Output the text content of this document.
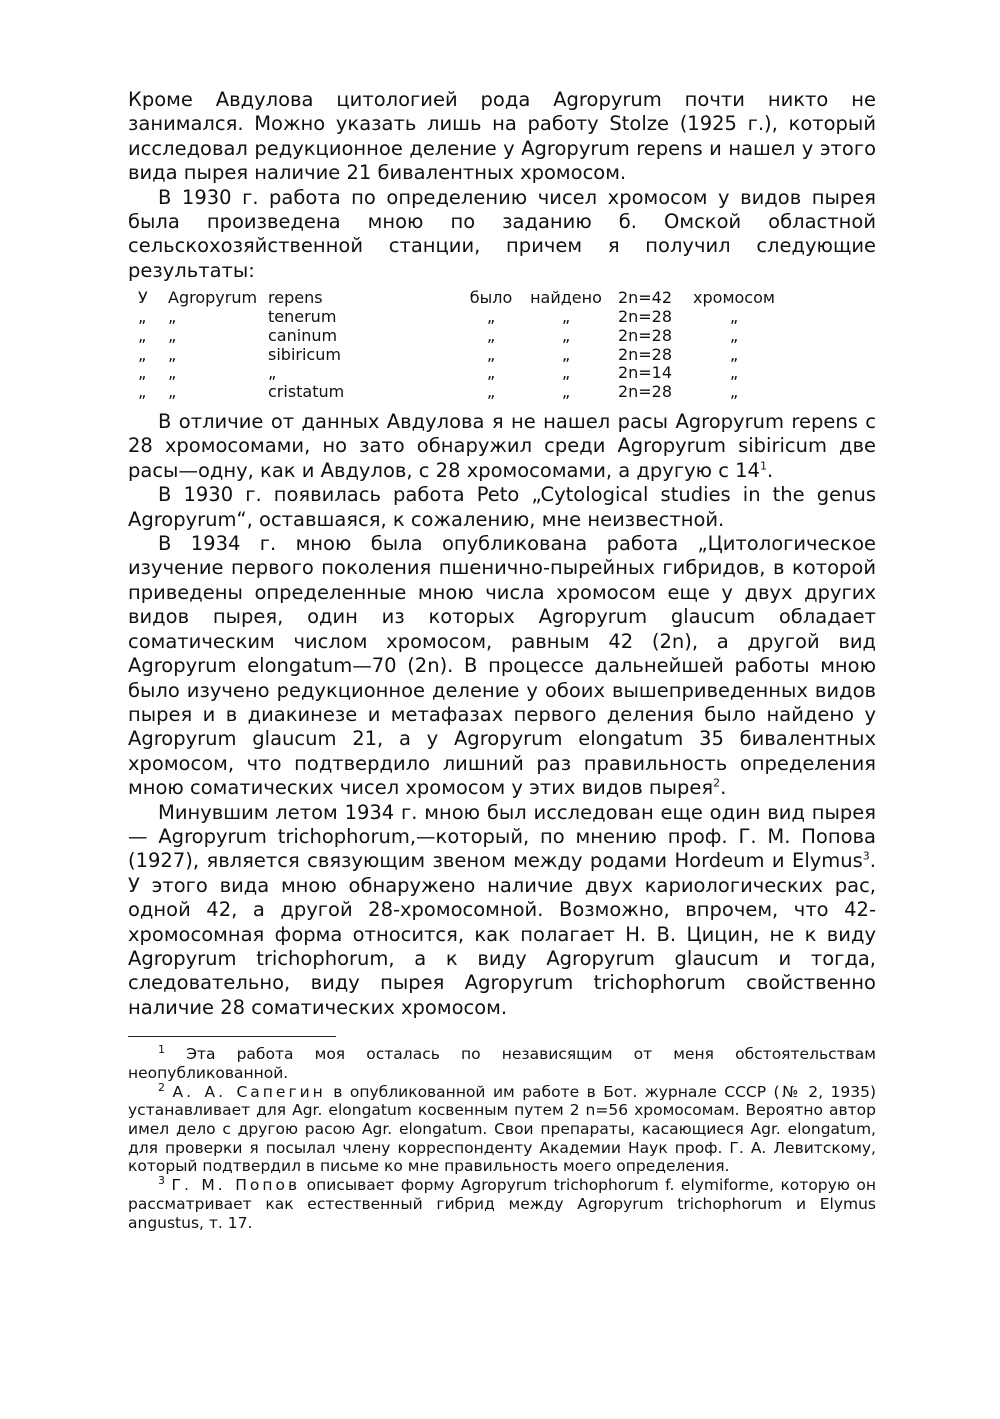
Кроме Авдулова цитологией рода Agropyrum почти никто не занимался. Можно указать лишь на работу Stolze (1925 г.), который исследовал редукционное деление у Agropyrum repens и нашел у этого вида пырея наличие 21 бивалентных хромосом.

В 1930 г. работа по определению чисел хромосом у видов пырея была произведена мною по заданию б. Омской областной сельскохозяйственной станции, причем я получил следующие результаты:

У	Agropyrum	repens	было	найдено	2n=42	хромосом
„	„	tenerum	„	„	2n=28	„
„	„	caninum	„	„	2n=28	„
„	„	sibiricum	„	„	2n=28	„
„	„	„	„	„	2n=14	„
„	„	cristatum	„	„	2n=28	„

В отличие от данных Авдулова я не нашел расы Agropyrum repens с 28 хромосомами, но зато обнаружил среди Agropyrum sibiricum две расы—одну, как и Авдулов, с 28 хромосомами, а другую с $14^1$.

В 1930 г. появилась работа Peto „Cytological studies in the genus Agropyrum“, оставшаяся, к сожалению, мне неизвестной.

В 1934 г. мною была опубликована работа „Цитологическое изучение первого поколения пшенично-пырейных гибридов, в которой приведены определенные мною числа хромосом еще у двух других видов пырея, один из которых Agropyrum glaucum обладает соматическим числом хромосом, равным 42 (2n), а другой вид Agropyrum elongatum—70 (2n). В процессе дальнейшей работы мною было изучено редукционное деление у обоих вышеприведенных видов пырея и в диакинезе и метафазах первого деления было найдено у Agropyrum glaucum 21, а у Agropyrum elongatum 35 бивалентных хромосом, что подтвердило лишний раз правильность определения мною соматических чисел хромосом у этих видов пырея$^2$.

Минувшим летом 1934 г. мною был исследован еще один вид пырея — Agropyrum trichophorum,—который, по мнению проф. Г. М. Попова (1927), является связующим звеном между родами Hordeum и Elymus$^3$. У этого вида мною обнаружено наличие двух кариологических рас, одной 42, а другой 28-хромосомной. Возможно, впрочем, что 42-хромосомная форма относится, как полагает Н. В. Цицин, не к виду Agropyrum trichophorum, а к виду Agropyrum glaucum и тогда, следовательно, виду пырея Agropyrum trichophorum свойственно наличие 28 соматических хромосом.

$^1$ Эта работа моя осталась по независящим от меня обстоятельствам неопубликованной.

$^2$ А. А. Сапегин в опубликованной им работе в Бот. журнале СССР (№ 2, 1935) устанавливает для Agr. elongatum косвенным путем 2 n=56 хромосомам. Вероятно автор имел дело с другою расою Agr. elongatum. Свои препараты, касающиеся Agr. elongatum, для проверки я посылал члену корреспонденту Академии Наук проф. Г. А. Левитскому, который подтвердил в письме ко мне правильность моего определения.

$^3$ Г. М. Попов описывает форму Agropyrum trichophorum f. elymiforme, которую он рассматривает как естественный гибрид между Agropyrum trichophorum и Elymus angustus, т. 17.
